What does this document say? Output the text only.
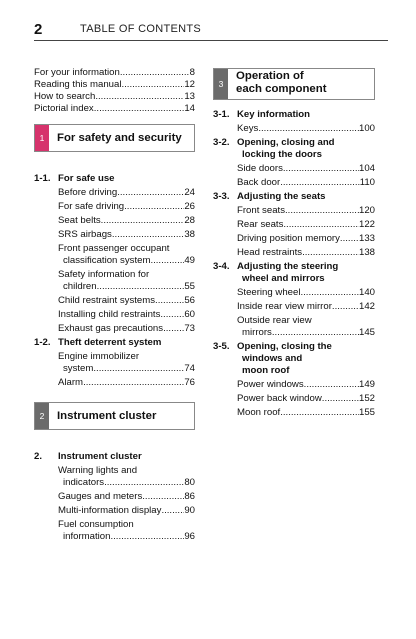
2	TABLE OF CONTENTS
For your information .....	8
Reading this manual .....	12
How to search .....	13
Pictorial index .....	14
1	For safety and security
1-1. For safe use
Before driving .....	24
For safe driving .....	26
Seat belts .....	28
SRS airbags .....	38
Front passenger occupant
classification system .....	49
Safety information for
children .....	55
Child restraint systems .....	56
Installing child restraints ..... 60
Exhaust gas precautions ..... 73
1-2. Theft deterrent system
Engine immobilizer
system .....	74
Alarm .....	76
2	Instrument cluster
2.	Instrument cluster
Warning lights and
indicators .....	80
Gauges and meters .....	86
Multi-information display ..... 90
Fuel consumption
information .....	96
3
Operation of
each component
3-1. Key information
Keys .....	100
3-2. Opening, closing and
locking the doors
Side doors .....	104
Back door .....	110
3-3. Adjusting the seats
Front seats .....	120
Rear seats .....	122
Driving position memory ..... 133
Head restraints .....	138
3-4. Adjusting the steering
wheel and mirrors
Steering wheel .....	140
Inside rear view mirror .....	142
Outside rear view
mirrors .....	145
3-5. Opening, closing the
windows and
moon roof
Power windows .....	149
Power back window .....	152
Moon roof .....	155
